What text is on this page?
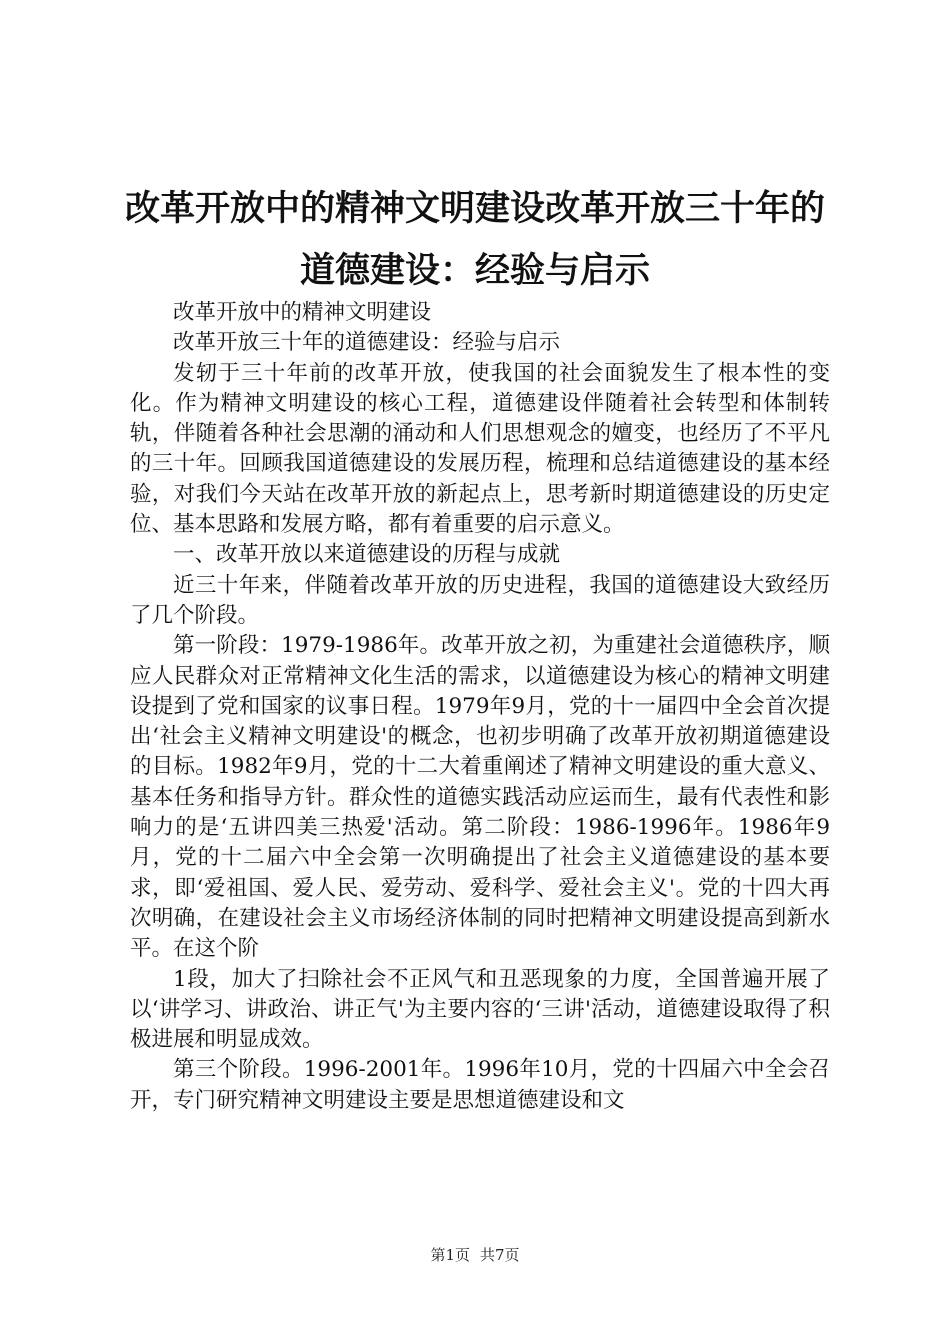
改革开放中的精神文明建设改革开放三十年的
道德建设：经验与启示

改革开放中的精神文明建设

改革开放三十年的道德建设：经验与启示

发轫于三十年前的改革开放，使我国的社会面貌发生了根本性的变化。作为精神文明建设的核心工程，道德建设伴随着社会转型和体制转轨，伴随着各种社会思潮的涌动和人们思想观念的嬗变，也经历了不平凡的三十年。回顾我国道德建设的发展历程，梳理和总结道德建设的基本经验，对我们今天站在改革开放的新起点上，思考新时期道德建设的历史定位、基本思路和发展方略，都有着重要的启示意义。

一、改革开放以来道德建设的历程与成就

近三十年来，伴随着改革开放的历史进程，我国的道德建设大致经历了几个阶段。

第一阶段：1979-1986年。改革开放之初，为重建社会道德秩序，顺应人民群众对正常精神文化生活的需求，以道德建设为核心的精神文明建设提到了党和国家的议事日程。1979年9月，党的十一届四中全会首次提出‘社会主义精神文明建设'的概念，也初步明确了改革开放初期道德建设的目标。1982年9月，党的十二大着重阐述了精神文明建设的重大意义、基本任务和指导方针。群众性的道德实践活动应运而生，最有代表性和影响力的是‘五讲四美三热爱'活动。第二阶段：1986-1996年。1986年9月，党的十二届六中全会第一次明确提出了社会主义道德建设的基本要求，即‘爱祖国、爱人民、爱劳动、爱科学、爱社会主义'。党的十四大再次明确，在建设社会主义市场经济体制的同时把精神文明建设提高到新水平。在这个阶

1段，加大了扫除社会不正风气和丑恶现象的力度，全国普遍开展了以‘讲学习、讲政治、讲正气'为主要内容的‘三讲'活动，道德建设取得了积极进展和明显成效。

第三个阶段。1996-2001年。1996年10月，党的十四届六中全会召开，专门研究精神文明建设主要是思想道德建设和文

第1页 共7页
